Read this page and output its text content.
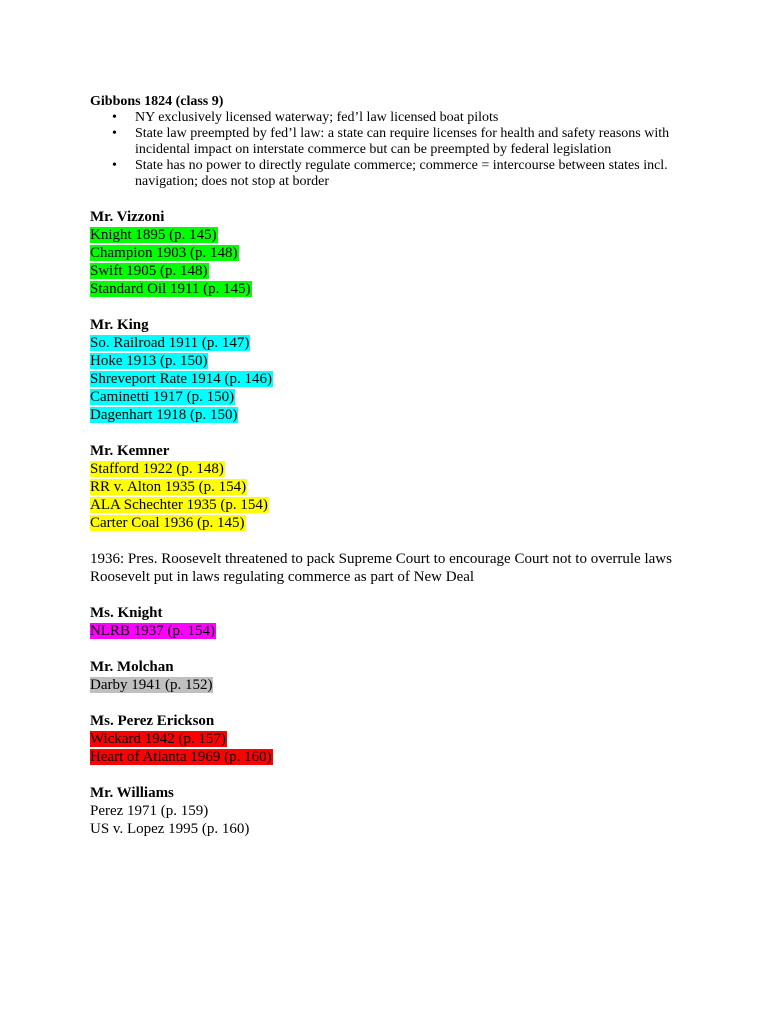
Gibbons 1824 (class 9)
• NY exclusively licensed waterway; fed’l law licensed boat pilots
• State law preempted by fed’l law: a state can require licenses for health and safety reasons with incidental impact on interstate commerce but can be preempted by federal legislation
• State has no power to directly regulate commerce; commerce = intercourse between states incl. navigation; does not stop at border
Mr. Vizzoni
Knight 1895 (p. 145)
Champion 1903 (p. 148)
Swift 1905 (p. 148)
Standard Oil 1911 (p. 145)
Mr. King
So. Railroad 1911 (p. 147)
Hoke 1913 (p. 150)
Shreveport Rate 1914 (p. 146)
Caminetti 1917 (p. 150)
Dagenhart 1918 (p. 150)
Mr. Kemner
Stafford 1922 (p. 148)
RR v. Alton 1935 (p. 154)
ALA Schechter 1935 (p. 154)
Carter Coal 1936 (p. 145)
1936: Pres. Roosevelt threatened to pack Supreme Court to encourage Court not to overrule laws
Roosevelt put in laws regulating commerce as part of New Deal
Ms. Knight
NLRB 1937 (p. 154)
Mr. Molchan
Darby 1941 (p. 152)
Ms. Perez Erickson
Wickard 1942 (p. 157)
Heart of Atlanta 1969 (p. 160)
Mr. Williams
Perez 1971 (p. 159)
US v. Lopez 1995 (p. 160)
